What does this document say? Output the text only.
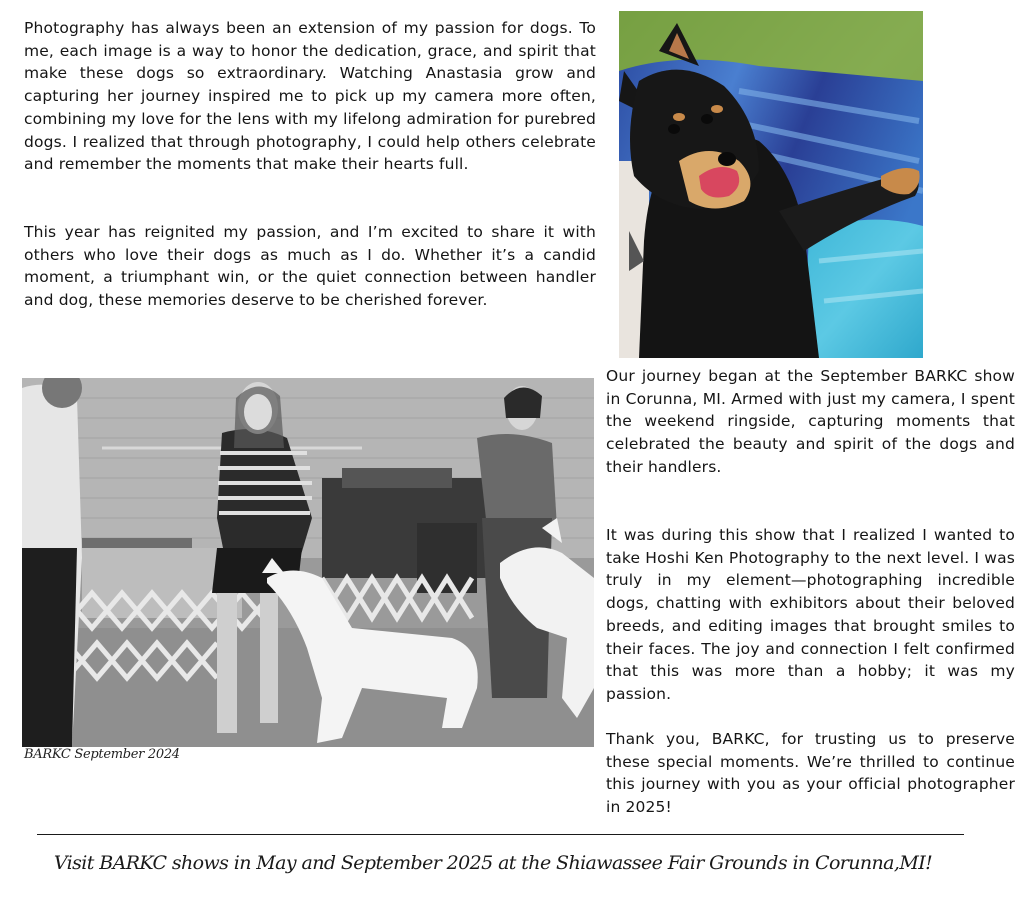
Photography has always been an extension of my passion for dogs. To me, each image is a way to honor the dedication, grace, and spirit that make these dogs so extraordinary. Watching Anastasia grow and capturing her journey inspired me to pick up my camera more often, combining my love for the lens with my lifelong admiration for purebred dogs. I realized that through photography, I could help others celebrate and remember the moments that make their hearts full.

This year has reignited my passion, and I’m excited to share it with others who love their dogs as much as I do. Whether it’s a candid moment, a triumphant win, or the quiet connection between handler and dog, these memories deserve to be cherished forever.

BARKC September 2024

Our journey began at the September BARKC show in Corunna, MI. Armed with just my camera, I spent the weekend ringside, capturing moments that celebrated the beauty and spirit of the dogs and their handlers.

It was during this show that I realized I wanted to take Hoshi Ken Photography to the next level. I was truly in my element—photographing incredible dogs, chatting with exhibitors about their beloved breeds, and editing images that brought smiles to their faces. The joy and connection I felt confirmed that this was more than a hobby; it was my passion.

Thank you, BARKC, for trusting us to preserve these special moments. We’re thrilled to continue this journey with you as your official photographer in 2025!

Visit BARKC shows in May and September 2025 at the Shiawassee Fair Grounds in Corunna,MI!
